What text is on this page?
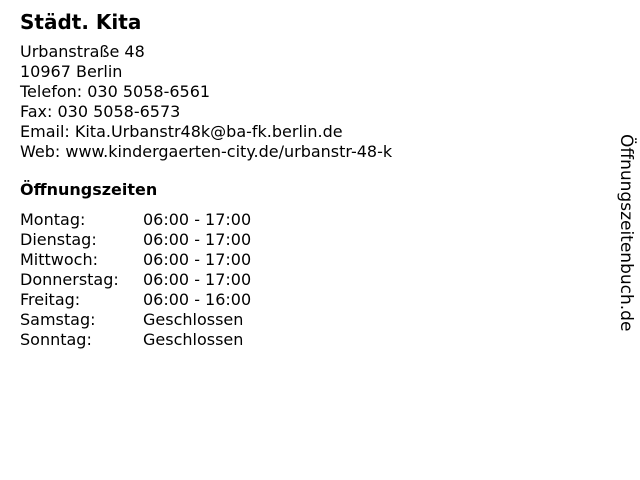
Städt. Kita
Urbanstraße 48
10967 Berlin
Telefon: 030 5058-6561
Fax: 030 5058-6573
Email: Kita.Urbanstr48k@ba-fk.berlin.de
Web: www.kindergaerten-city.de/urbanstr-48-k
Öffnungszeiten
Montag:	06:00 - 17:00
Dienstag:	06:00 - 17:00
Mittwoch:	06:00 - 17:00
Donnerstag:	06:00 - 17:00
Freitag:	06:00 - 16:00
Samstag:	Geschlossen
Sonntag:	Geschlossen
Öffnungszeitenbuch.de
